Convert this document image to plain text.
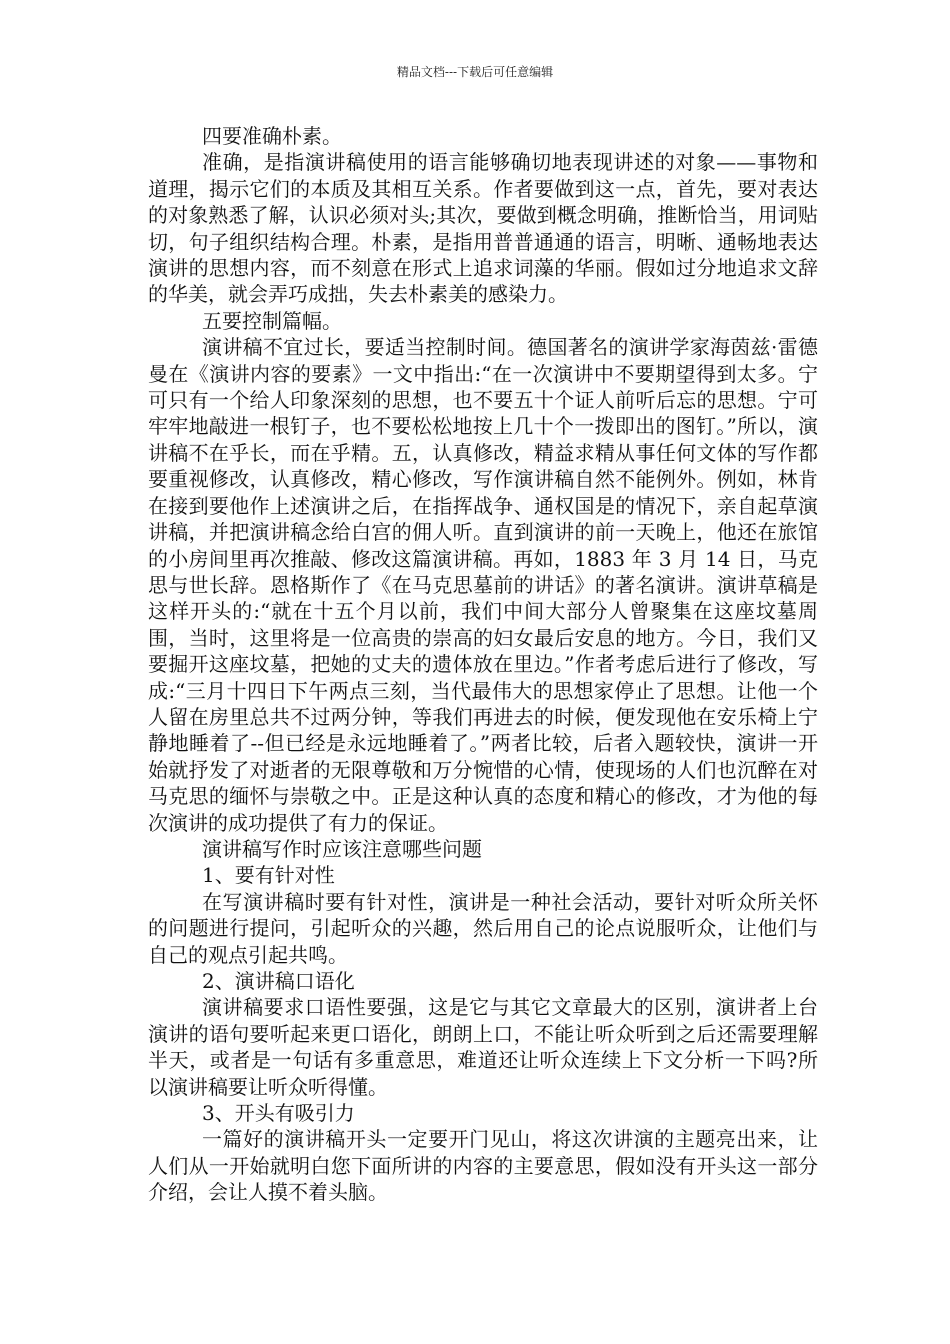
精品文档---下载后可任意编辑

四要准确朴素。

准确，是指演讲稿使用的语言能够确切地表现讲述的对象——事物和道理，揭示它们的本质及其相互关系。作者要做到这一点，首先，要对表达的对象熟悉了解，认识必须对头;其次，要做到概念明确，推断恰当，用词贴切，句子组织结构合理。朴素，是指用普普通通的语言，明晰、通畅地表达演讲的思想内容，而不刻意在形式上追求词藻的华丽。假如过分地追求文辞的华美，就会弄巧成拙，失去朴素美的感染力。

五要控制篇幅。

演讲稿不宜过长，要适当控制时间。德国著名的演讲学家海茵兹·雷德曼在《演讲内容的要素》一文中指出:“在一次演讲中不要期望得到太多。宁可只有一个给人印象深刻的思想，也不要五十个证人前听后忘的思想。宁可牢牢地敲进一根钉子，也不要松松地按上几十个一拨即出的图钉。”所以，演讲稿不在乎长，而在乎精。五，认真修改，精益求精从事任何文体的写作都要重视修改，认真修改，精心修改，写作演讲稿自然不能例外。例如，林肯在接到要他作上述演讲之后，在指挥战争、通权国是的情况下，亲自起草演讲稿，并把演讲稿念给白宫的佣人听。直到演讲的前一天晚上，他还在旅馆的小房间里再次推敲、修改这篇演讲稿。再如，1883 年 3 月 14 日，马克思与世长辞。恩格斯作了《在马克思墓前的讲话》的著名演讲。演讲草稿是这样开头的:“就在十五个月以前，我们中间大部分人曾聚集在这座坟墓周围，当时，这里将是一位高贵的崇高的妇女最后安息的地方。今日，我们又要掘开这座坟墓，把她的丈夫的遗体放在里边。”作者考虑后进行了修改，写成:“三月十四日下午两点三刻，当代最伟大的思想家停止了思想。让他一个人留在房里总共不过两分钟，等我们再进去的时候，便发现他在安乐椅上宁静地睡着了--但已经是永远地睡着了。”两者比较，后者入题较快，演讲一开始就抒发了对逝者的无限尊敬和万分惋惜的心情，使现场的人们也沉醉在对马克思的缅怀与崇敬之中。正是这种认真的态度和精心的修改，才为他的每次演讲的成功提供了有力的保证。

演讲稿写作时应该注意哪些问题

1、要有针对性

在写演讲稿时要有针对性，演讲是一种社会活动，要针对听众所关怀的问题进行提问，引起听众的兴趣，然后用自己的论点说服听众，让他们与自己的观点引起共鸣。

2、演讲稿口语化

演讲稿要求口语性要强，这是它与其它文章最大的区别，演讲者上台演讲的语句要听起来更口语化，朗朗上口，不能让听众听到之后还需要理解半天，或者是一句话有多重意思，难道还让听众连续上下文分析一下吗?所以演讲稿要让听众听得懂。

3、开头有吸引力

一篇好的演讲稿开头一定要开门见山，将这次讲演的主题亮出来，让人们从一开始就明白您下面所讲的内容的主要意思，假如没有开头这一部分介绍，会让人摸不着头脑。
